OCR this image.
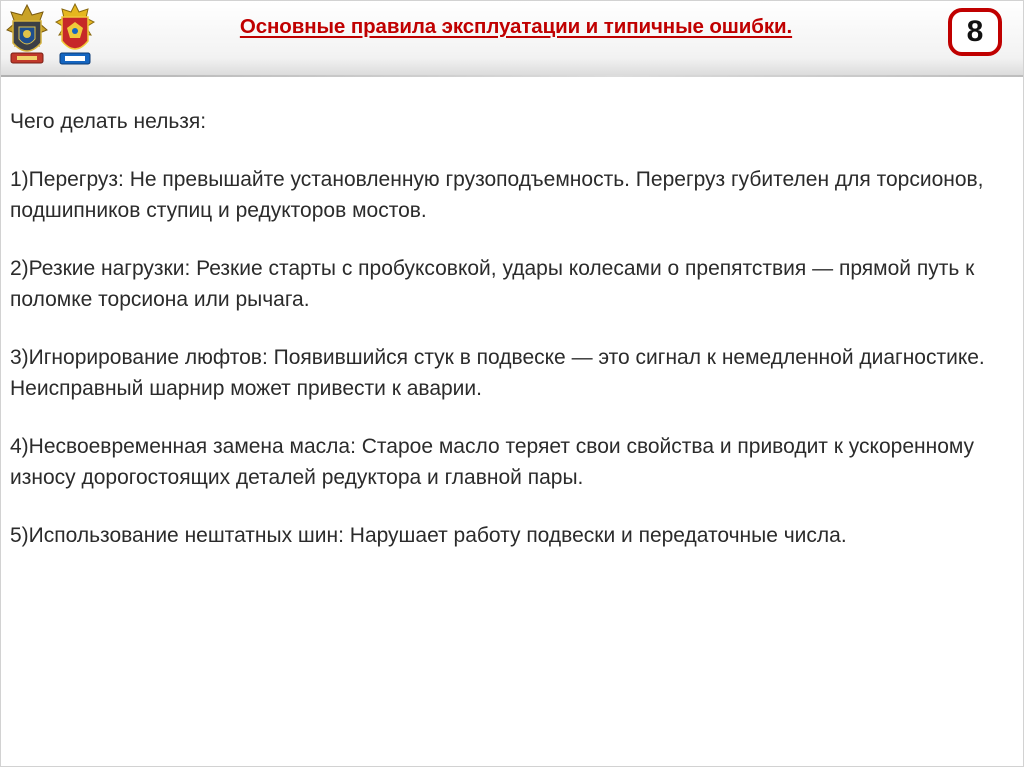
Основные правила эксплуатации и типичные ошибки.	8

Чего делать нельзя:

1)Перегруз: Не превышайте установленную грузоподъемность. Перегруз губителен для торсионов, подшипников ступиц и редукторов мостов.

2)Резкие нагрузки: Резкие старты с пробуксовкой, удары колесами о препятствия — прямой путь к поломке торсиона или рычага.

3)Игнорирование люфтов: Появившийся стук в подвеске — это сигнал к немедленной диагностике. Неисправный шарнир может привести к аварии.

4)Несвоевременная замена масла: Старое масло теряет свои свойства и приводит к ускоренному износу дорогостоящих деталей редуктора и главной пары.

5)Использование нештатных шин: Нарушает работу подвески и передаточные числа.
